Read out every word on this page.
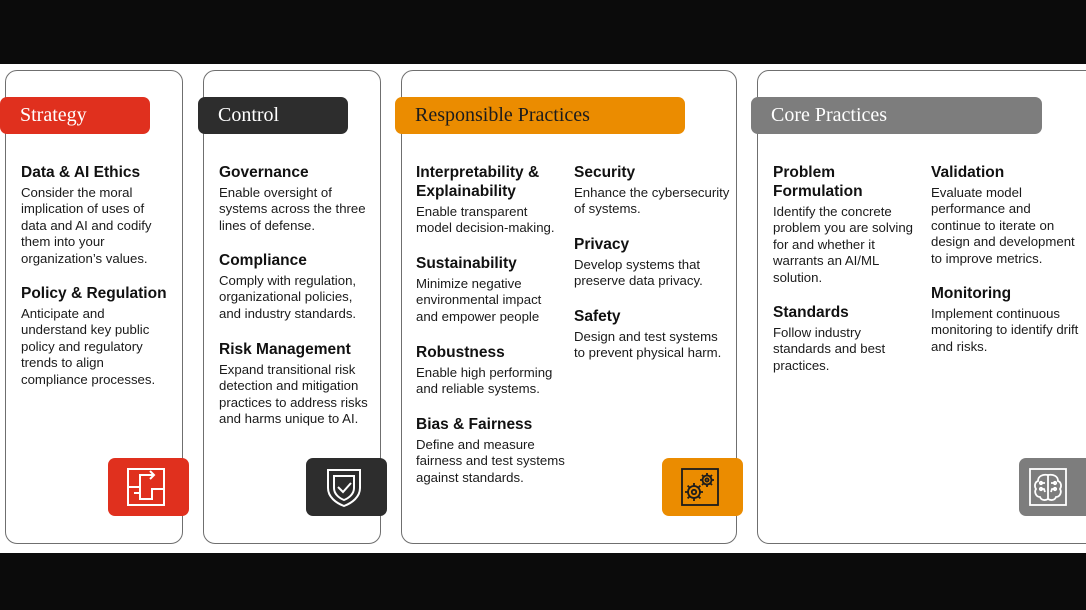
Strategy
Data & AI Ethics

Consider the moral implication of uses of data and AI and codify them into your organization’s values.

Policy & Regulation

Anticipate and understand key public policy and regulatory trends to align compliance processes.

Control
Governance

Enable oversight of systems across the three lines of defense.

Compliance

Comply with regulation, organizational policies, and industry standards.

Risk Management

Expand transitional risk detection and mitigation practices to address risks and harms unique to AI.

Responsible Practices
Interpretability & Explainability

Enable transparent model decision-making.

Sustainability

Minimize negative environmental impact and empower people

Robustness

Enable high performing and reliable systems.

Bias & Fairness

Define and measure fairness and test systems against standards.

Security

Enhance the cybersecurity of systems.

Privacy

Develop systems that preserve data privacy.

Safety

Design and test systems to prevent physical harm.

Core Practices
Problem Formulation

Identify the concrete problem you are solving for and whether it warrants an AI/ML solution.

Standards

Follow industry standards and best practices.

Validation

Evaluate model performance and continue to iterate on design and development to improve metrics.

Monitoring

Implement continuous monitoring to identify drift and risks.
